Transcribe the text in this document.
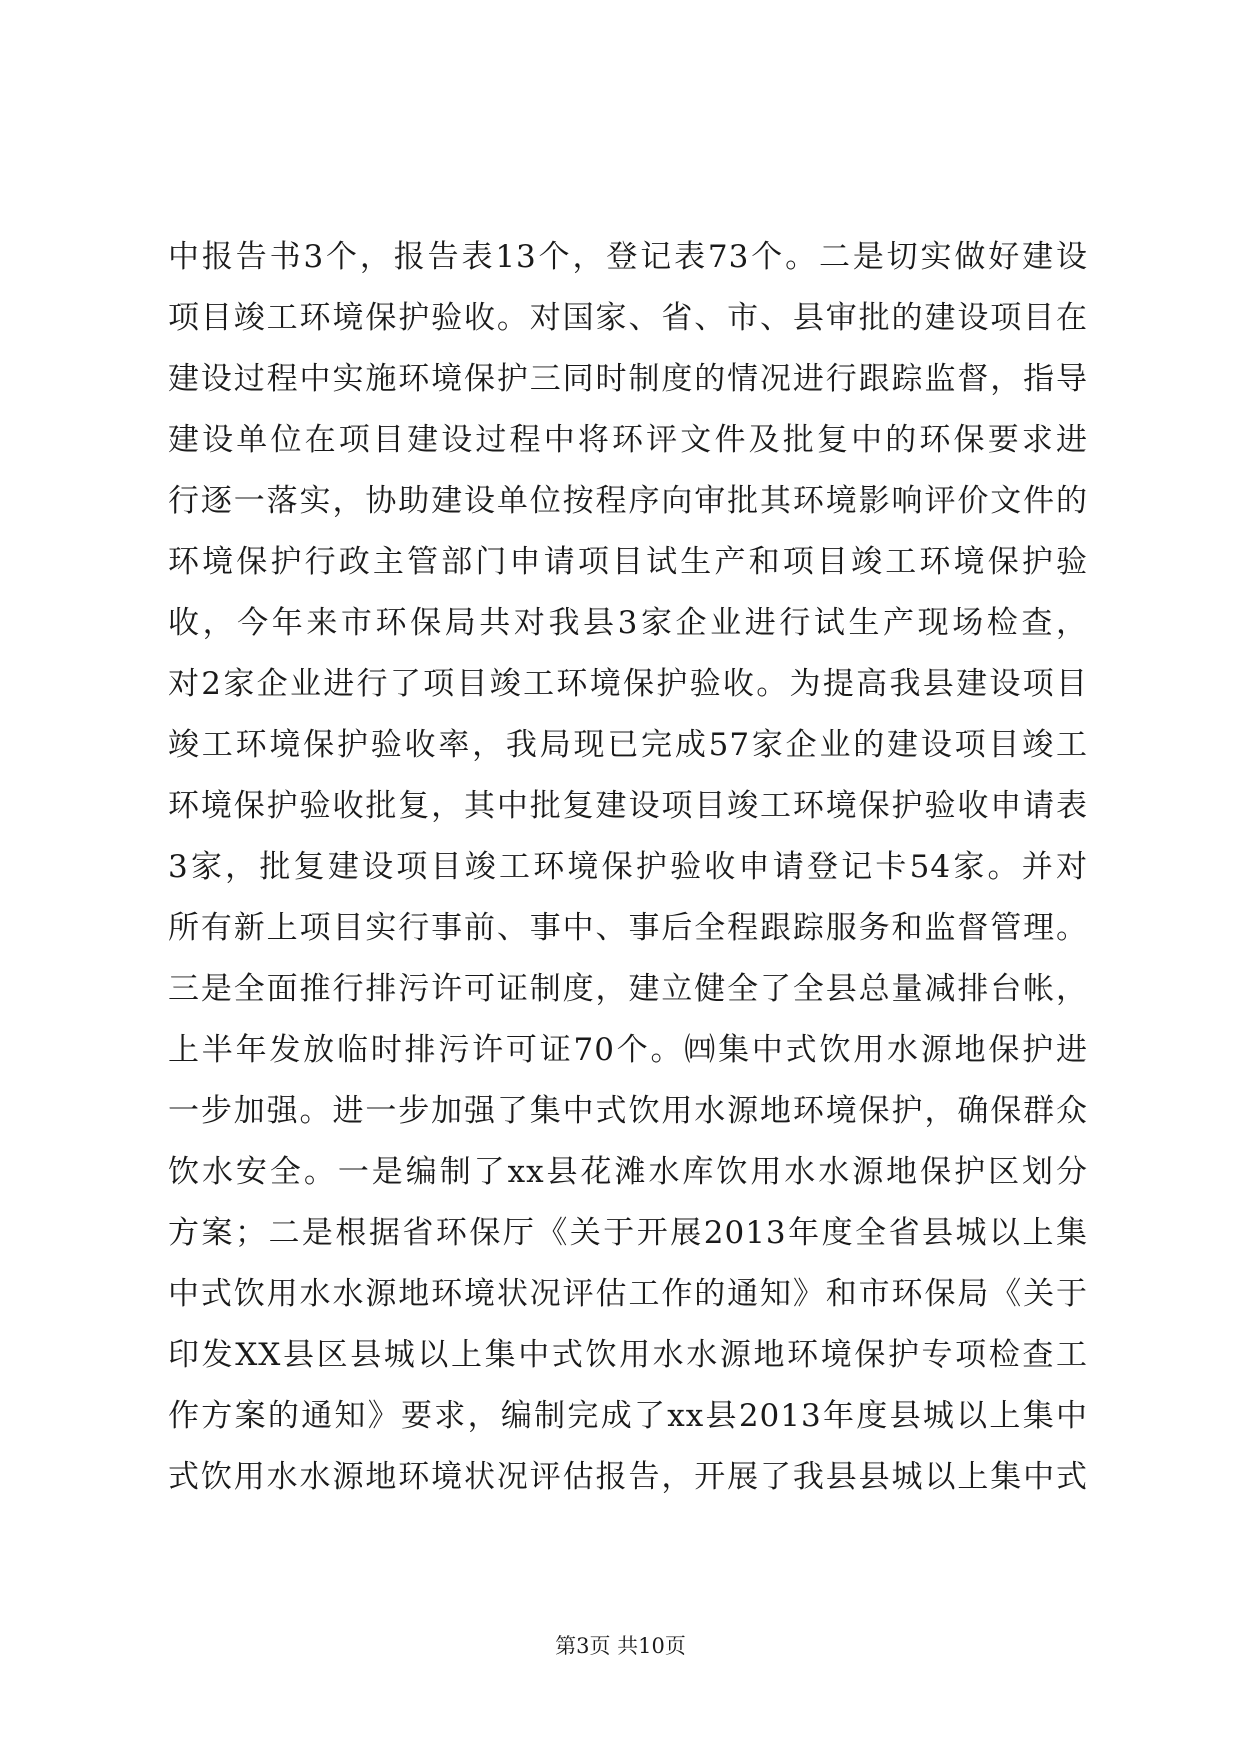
中报告书3个，报告表13个，登记表73个。二是切实做好建设
项目竣工环境保护验收。对国家、省、市、县审批的建设项目在
建设过程中实施环境保护三同时制度的情况进行跟踪监督，指导
建设单位在项目建设过程中将环评文件及批复中的环保要求进
行逐一落实，协助建设单位按程序向审批其环境影响评价文件的
环境保护行政主管部门申请项目试生产和项目竣工环境保护验
收，今年来市环保局共对我县3家企业进行试生产现场检查，
对2家企业进行了项目竣工环境保护验收。为提高我县建设项目
竣工环境保护验收率，我局现已完成57家企业的建设项目竣工
环境保护验收批复，其中批复建设项目竣工环境保护验收申请表
3家，批复建设项目竣工环境保护验收申请登记卡54家。并对
所有新上项目实行事前、事中、事后全程跟踪服务和监督管理。
三是全面推行排污许可证制度，建立健全了全县总量减排台帐，
上半年发放临时排污许可证70个。㈣集中式饮用水源地保护进
一步加强。进一步加强了集中式饮用水源地环境保护，确保群众
饮水安全。一是编制了xx县花滩水库饮用水水源地保护区划分
方案；二是根据省环保厅《关于开展2013年度全省县城以上集
中式饮用水水源地环境状况评估工作的通知》和市环保局《关于
印发XX县区县城以上集中式饮用水水源地环境保护专项检查工
作方案的通知》要求，编制完成了xx县2013年度县城以上集中
式饮用水水源地环境状况评估报告，开展了我县县城以上集中式
第3页 共10页
